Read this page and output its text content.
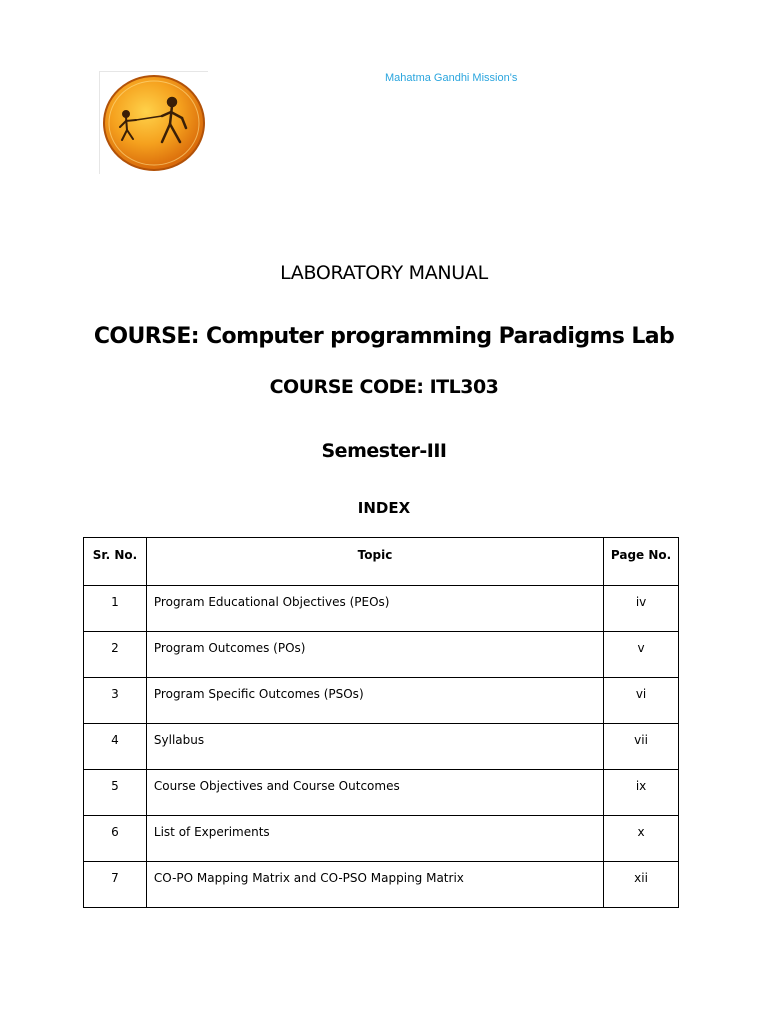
Mahatma Gandhi Mission's
LABORATORY MANUAL
COURSE: Computer programming Paradigms Lab
COURSE CODE: ITL303
Semester-III
INDEX
Sr. No.	Topic	Page No.

1	Program Educational Objectives (PEOs)	iv

2	Program Outcomes (POs)	v

3	Program Specific Outcomes (PSOs)	vi

4	Syllabus	vii

5	Course Objectives and Course Outcomes	ix

6	List of Experiments	x

7	CO-PO Mapping Matrix and CO-PSO Mapping Matrix	xii
